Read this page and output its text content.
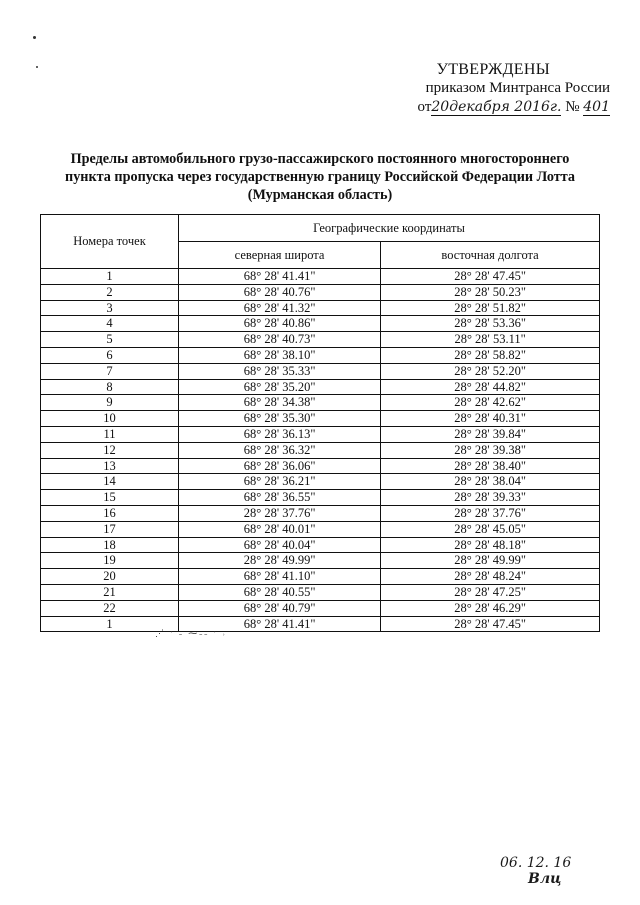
УТВЕРЖДЕНЫ
приказом Минтранса России
от20декабря 2016г. № 401
Пределы автомобильного грузо-пассажирского постоянного многостороннего
пункта пропуска через государственную границу Российской Федерации Лотта
(Мурманская область)
Номера точек	Географические координаты	
	северная широта	восточная долгота
1	68° 28' 41.41"	28° 28' 47.45"
2	68° 28' 40.76"	28° 28' 50.23"
3	68° 28' 41.32"	28° 28' 51.82"
4	68° 28' 40.86"	28° 28' 53.36"
5	68° 28' 40.73"	28° 28' 53.11"
6	68° 28' 38.10"	28° 28' 58.82"
7	68° 28' 35.33"	28° 28' 52.20"
8	68° 28' 35.20"	28° 28' 44.82"
9	68° 28' 34.38"	28° 28' 42.62"
10	68° 28' 35.30"	28° 28' 40.31"
11	68° 28' 36.13"	28° 28' 39.84"
12	68° 28' 36.32"	28° 28' 39.38"
13	68° 28' 36.06"	28° 28' 38.40"
14	68° 28' 36.21"	28° 28' 38.04"
15	68° 28' 36.55"	28° 28' 39.33"
16	28° 28' 37.76"	28° 28' 37.76"
17	68° 28' 40.01"	28° 28' 45.05"
18	68° 28' 40.04"	28° 28' 48.18"
19	28° 28' 49.99"	28° 28' 49.99"
20	68° 28' 41.10"	28° 28' 48.24"
21	68° 28' 40.55"	28° 28' 47.25"
22	68° 28' 40.79"	28° 28' 46.29"
1	68° 28' 41.41"	28° 28' 47.45"
⋰ ˑ ˗ ⁓˗˗ ˑ ˒
06. 12. 16
Влц
